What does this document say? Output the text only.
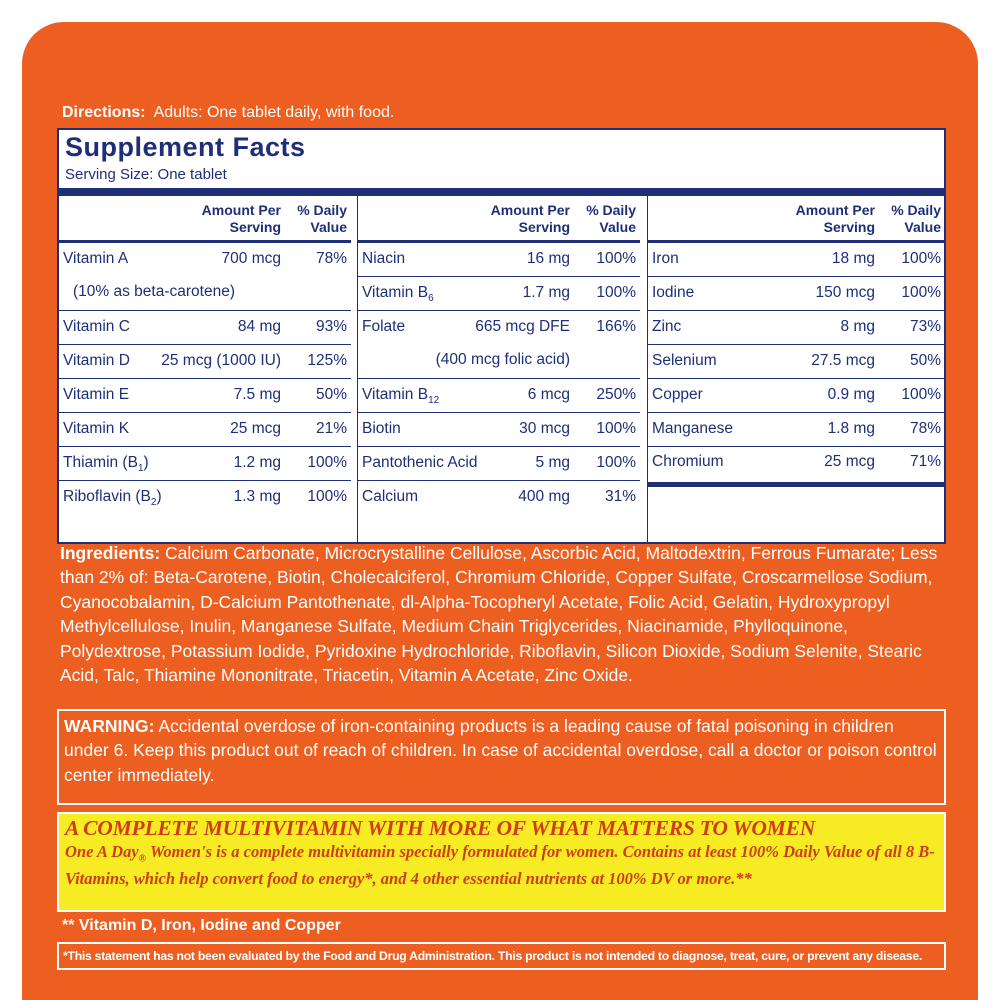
Directions: Adults: One tablet daily, with food.
Supplement Facts
Serving Size: One tablet
Amount Per
Serving
% Daily
Value
Vitamin A	700 mcg 78%
(10% as beta-carotene)
Vitamin C	84 mg 93%
Vitamin D 25 mcg (1000 IU) 125%
Vitamin E	7.5 mg 50%
Vitamin K	25 mcg 21%
Thiamin $(B_1)$	1.2 mg 100%
Riboflavin $(B_2)$	1.3 mg 100%
Amount Per
Serving
% Daily
Value
Niacin	16 mg 100%
Vitamin $B_6$	1.7 mg 100%
Folate	665 mcg DFE 166%
(400 mcg folic acid)
Vitamin $B_{12}$	6 mcg 250%
Biotin	30 mcg 100%
Pantothenic Acid	5 mg 100%
Calcium	400 mg 31%
Amount Per
Serving
% Daily
Value
Iron	18 mg 100%
Iodine	150 mcg 100%
Zinc	8 mg 73%
Selenium	27.5 mcg 50%
Copper	0.9 mg 100%
Manganese	1.8 mg 78%
Chromium	25 mcg 71%
Ingredients: Calcium Carbonate, Microcrystalline Cellulose, Ascorbic Acid, Maltodextrin, Ferrous Fumarate; Less than 2% of: Beta-Carotene, Biotin, Cholecalciferol, Chromium Chloride, Copper Sulfate, Croscarmellose Sodium, Cyanocobalamin, D-Calcium Pantothenate, dl-Alpha-Tocopheryl Acetate, Folic Acid, Gelatin, Hydroxypropyl Methylcellulose, Inulin, Manganese Sulfate, Medium Chain Triglycerides, Niacinamide, Phylloquinone, Polydextrose, Potassium Iodide, Pyridoxine Hydrochloride, Riboflavin, Silicon Dioxide, Sodium Selenite, Stearic Acid, Talc, Thiamine Mononitrate, Triacetin, Vitamin A Acetate, Zinc Oxide.
WARNING: Accidental overdose of iron-containing products is a leading cause of fatal poisoning in children under 6. Keep this product out of reach of children. In case of accidental overdose, call a doctor or poison control center immediately.
A COMPLETE MULTIVITAMIN WITH MORE OF WHAT MATTERS TO WOMEN
One A Day$_®$ Women's is a complete multivitamin specially formulated for women. Contains at least 100% Daily Value of all 8 B-Vitamins, which help convert food to energy*, and 4 other essential nutrients at 100% DV or more.**
** Vitamin D, Iron, Iodine and Copper
*This statement has not been evaluated by the Food and Drug Administration. This product is not intended to diagnose, treat, cure, or prevent any disease.
